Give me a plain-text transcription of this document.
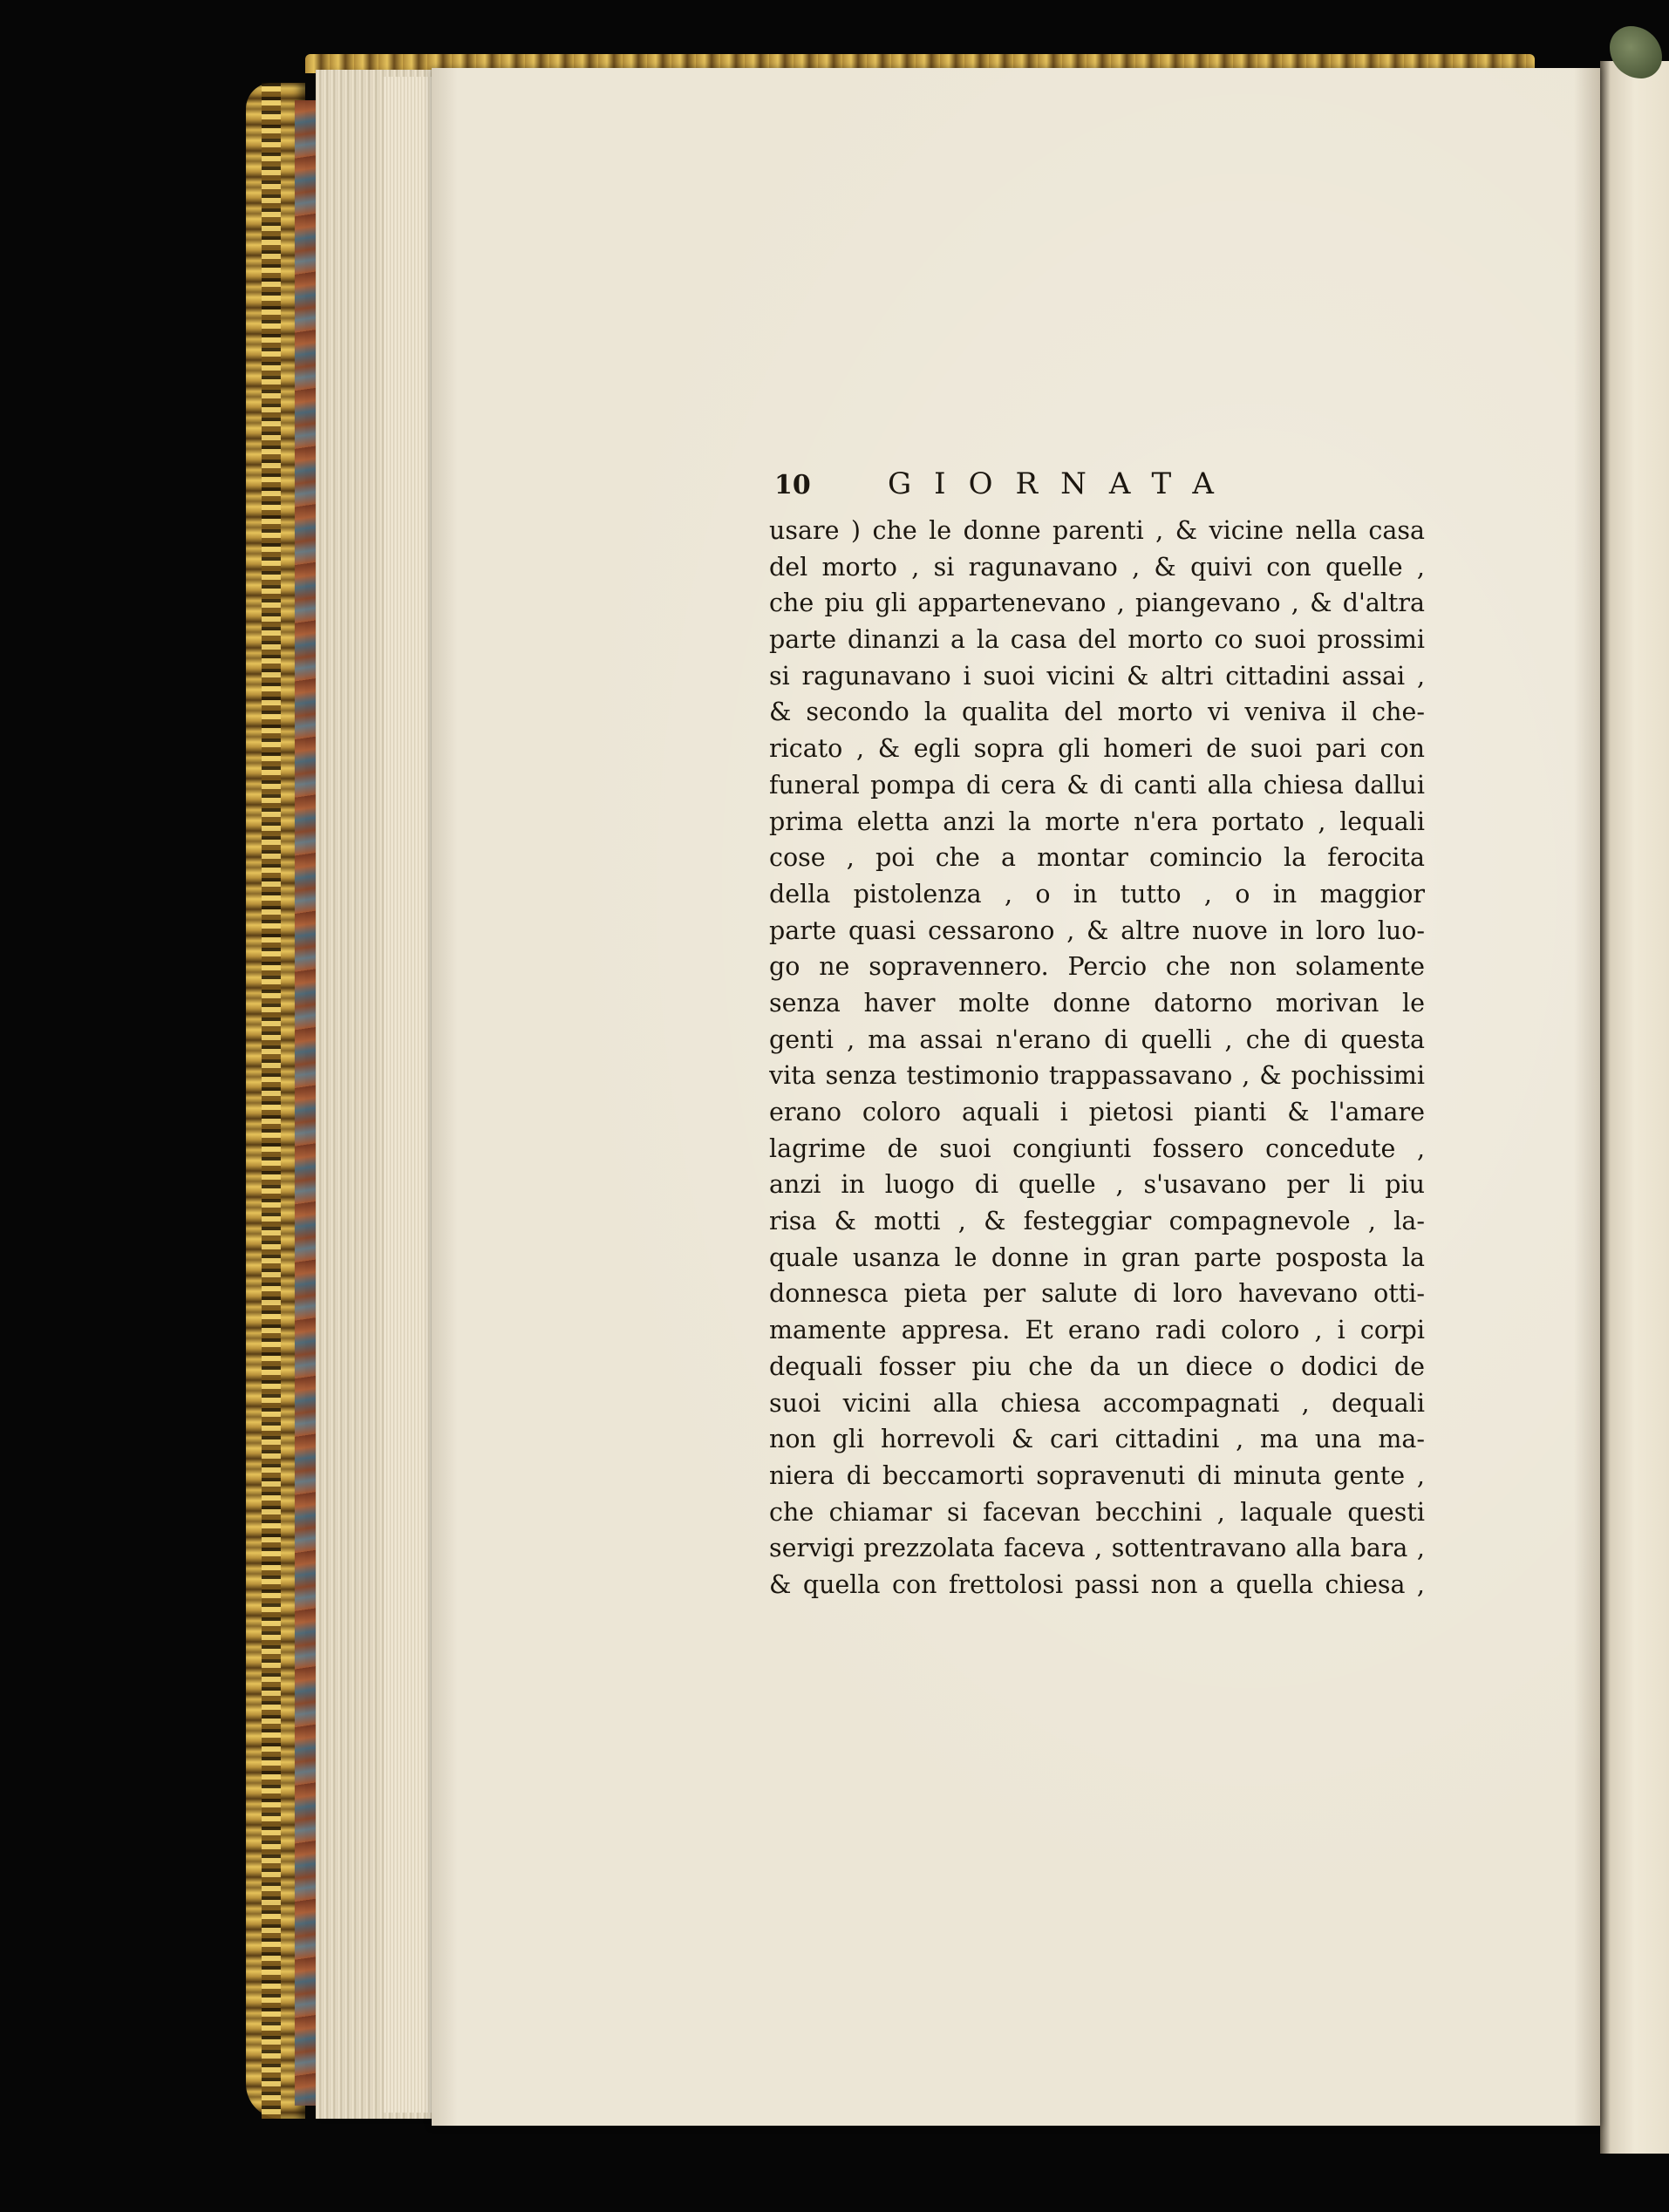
10	GIORNATA
usare ) che le donne parenti , & vicine nella casa
del morto , si ragunavano , & quivi con quelle ,
che piu gli appartenevano , piangevano , & d'altra
parte dinanzi a la casa del morto co suoi prossimi
si ragunavano i suoi vicini & altri cittadini assai ,
& secondo la qualita del morto vi veniva il che-
ricato , & egli sopra gli homeri de suoi pari con
funeral pompa di cera & di canti alla chiesa dallui
prima eletta anzi la morte n'era portato , lequali
cose , poi che a montar comincio la ferocita
della pistolenza , o in tutto , o in maggior
parte quasi cessarono , & altre nuove in loro luo-
go ne sopravennero. Percio che non solamente
senza haver molte donne datorno morivan le
genti , ma assai n'erano di quelli , che di questa
vita senza testimonio trappassavano , & pochissimi
erano coloro aquali i pietosi pianti & l'amare
lagrime de suoi congiunti fossero concedute ,
anzi in luogo di quelle , s'usavano per li piu
risa & motti , & festeggiar compagnevole , la-
quale usanza le donne in gran parte pospostа la
donnesca pieta per salute di loro havevano otti-
mamente appresa. Et erano radi coloro , i corpi
dequali fosser piu che da un diece o dodici de
suoi vicini alla chiesa accompagnati , dequali
non gli horrevoli & cari cittadini , ma una ma-
niera di beccamorti sopravenuti di minuta gente ,
che chiamar si facevan becchini , laquale questi
servigi prezzolata faceva , sottentravano alla bara ,
& quella con frettolosi passi non a quella chiesa ,
